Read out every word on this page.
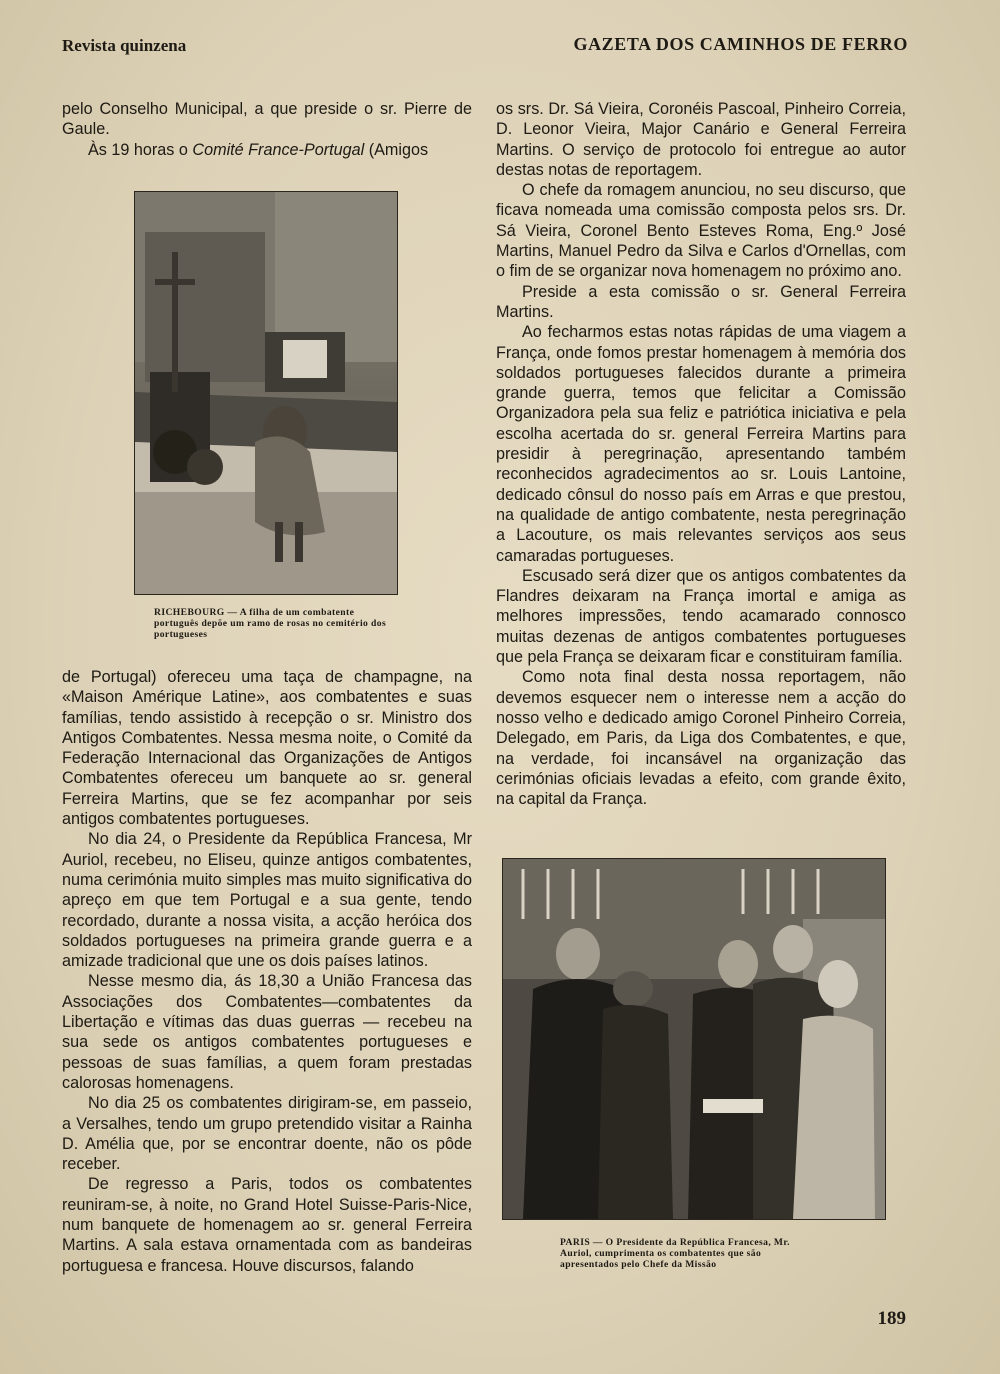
Revista quinzena	GAZETA DOS CAMINHOS DE FERRO

pelo Conselho Municipal, a que preside o sr. Pierre de Gaule.

Às 19 horas o Comité France-Portugal (Amigos

RICHEBOURG — A filha de um combatente português depõe um ramo de rosas no cemitério dos portugueses

de Portugal) ofereceu uma taça de champagne, na «Maison Amérique Latine», aos combatentes e suas famílias, tendo assistido à recepção o sr. Ministro dos Antigos Combatentes. Nessa mesma noite, o Comité da Federação Internacional das Organizações de Antigos Combatentes ofereceu um banquete ao sr. general Ferreira Martins, que se fez acompanhar por seis antigos combatentes portugueses.

No dia 24, o Presidente da República Francesa, Mr Auriol, recebeu, no Eliseu, quinze antigos combatentes, numa cerimónia muito simples mas muito significativa do apreço em que tem Portugal e a sua gente, tendo recordado, durante a nossa visita, a acção heróica dos soldados portugueses na primeira grande guerra e a amizade tradicional que une os dois países latinos.

Nesse mesmo dia, ás 18,30 a União Francesa das Associações dos Combatentes—combatentes da Libertação e vítimas das duas guerras — recebeu na sua sede os antigos combatentes portugueses e pessoas de suas famílias, a quem foram prestadas calorosas homenagens.

No dia 25 os combatentes dirigiram-se, em passeio, a Versalhes, tendo um grupo pretendido visitar a Rainha D. Amélia que, por se encontrar doente, não os pôde receber.

De regresso a Paris, todos os combatentes reuniram-se, à noite, no Grand Hotel Suisse-Paris-Nice, num banquete de homenagem ao sr. general Ferreira Martins. A sala estava ornamentada com as bandeiras portuguesa e francesa. Houve discursos, falando

os srs. Dr. Sá Vieira, Coronéis Pascoal, Pinheiro Correia, D. Leonor Vieira, Major Canário e General Ferreira Martins. O serviço de protocolo foi entregue ao autor destas notas de reportagem.

O chefe da romagem anunciou, no seu discurso, que ficava nomeada uma comissão composta pelos srs. Dr. Sá Vieira, Coronel Bento Esteves Roma, Eng.º José Martins, Manuel Pedro da Silva e Carlos d'Ornellas, com o fim de se organizar nova homenagem no próximo ano.

Preside a esta comissão o sr. General Ferreira Martins.

Ao fecharmos estas notas rápidas de uma viagem a França, onde fomos prestar homenagem à memória dos soldados portugueses falecidos durante a primeira grande guerra, temos que felicitar a Comissão Organizadora pela sua feliz e patriótica iniciativa e pela escolha acertada do sr. general Ferreira Martins para presidir à peregrinação, apresentando também reconhecidos agradecimentos ao sr. Louis Lantoine, dedicado cônsul do nosso país em Arras e que prestou, na qualidade de antigo combatente, nesta peregrinação a Lacouture, os mais relevantes serviços aos seus camaradas portugueses.

Escusado será dizer que os antigos combatentes da Flandres deixaram na França imortal e amiga as melhores impressões, tendo acamarado connosco muitas dezenas de antigos combatentes portugueses que pela França se deixaram ficar e constituiram família.

Como nota final desta nossa reportagem, não devemos esquecer nem o interesse nem a acção do nosso velho e dedicado amigo Coronel Pinheiro Correia, Delegado, em Paris, da Liga dos Combatentes, e que, na verdade, foi incansável na organização das cerimónias oficiais levadas a efeito, com grande êxito, na capital da França.

PARIS — O Presidente da República Francesa, Mr. Auriol, cumprimenta os combatentes que são apresentados pelo Chefe da Missão
189
